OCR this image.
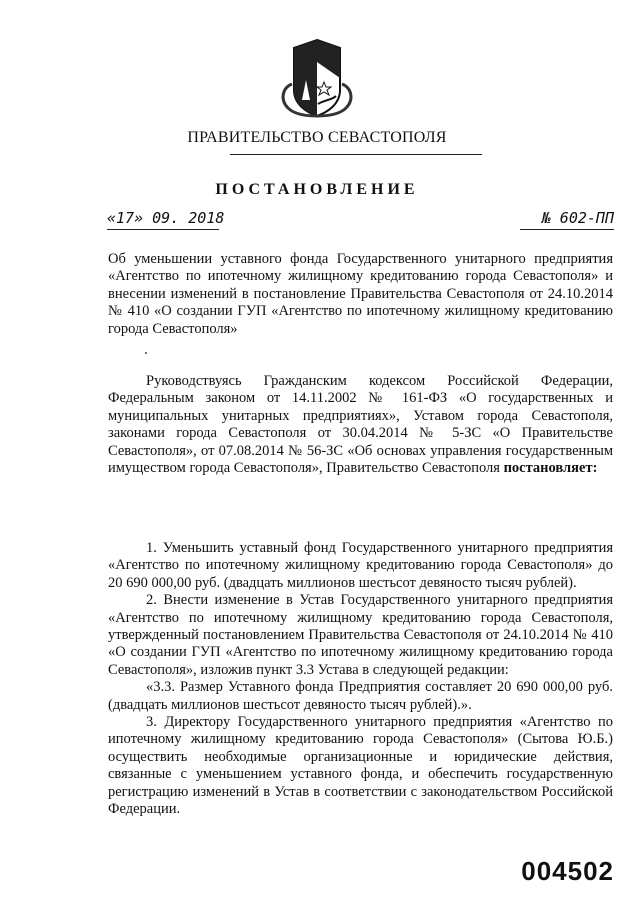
ПРАВИТЕЛЬСТВО СЕВАСТОПОЛЯ
ПОСТАНОВЛЕНИЕ
«17» 09. 2018	№ 602-ПП
Об уменьшении уставного фонда Государственного унитарного предприятия «Агентство по ипотечному жилищному кредитованию города Севастополя» и внесении изменений в постановление Правительства Севастополя от 24.10.2014 № 410 «О создании ГУП «Агентство по ипотечному жилищному кредитованию города Севастополя»
Руководствуясь Гражданским кодексом Российской Федерации, Федеральным законом от 14.11.2002 № 161-ФЗ «О государственных и муниципальных унитарных предприятиях», Уставом города Севастополя, законами города Севастополя от 30.04.2014 № 5-ЗС «О Правительстве Севастополя», от 07.08.2014 № 56-ЗС «Об основах управления государственным имуществом города Севастополя», Правительство Севастополя постановляет:

1. Уменьшить уставный фонд Государственного унитарного предприятия «Агентство по ипотечному жилищному кредитованию города Севастополя» до 20 690 000,00 руб. (двадцать миллионов шестьсот девяносто тысяч рублей).

2. Внести изменение в Устав Государственного унитарного предприятия «Агентство по ипотечному жилищному кредитованию города Севастополя, утвержденный постановлением Правительства Севастополя от 24.10.2014 № 410 «О создании ГУП «Агентство по ипотечному жилищному кредитованию города Севастополя», изложив пункт 3.3 Устава в следующей редакции:

«3.3. Размер Уставного фонда Предприятия составляет 20 690 000,00 руб. (двадцать миллионов шестьсот девяносто тысяч рублей).».

3. Директору Государственного унитарного предприятия «Агентство по ипотечному жилищному кредитованию города Севастополя» (Сытова Ю.Б.) осуществить необходимые организационные и юридические действия, связанные с уменьшением уставного фонда, и обеспечить государственную регистрацию изменений в Устав в соответствии с законодательством Российской Федерации.

004502
